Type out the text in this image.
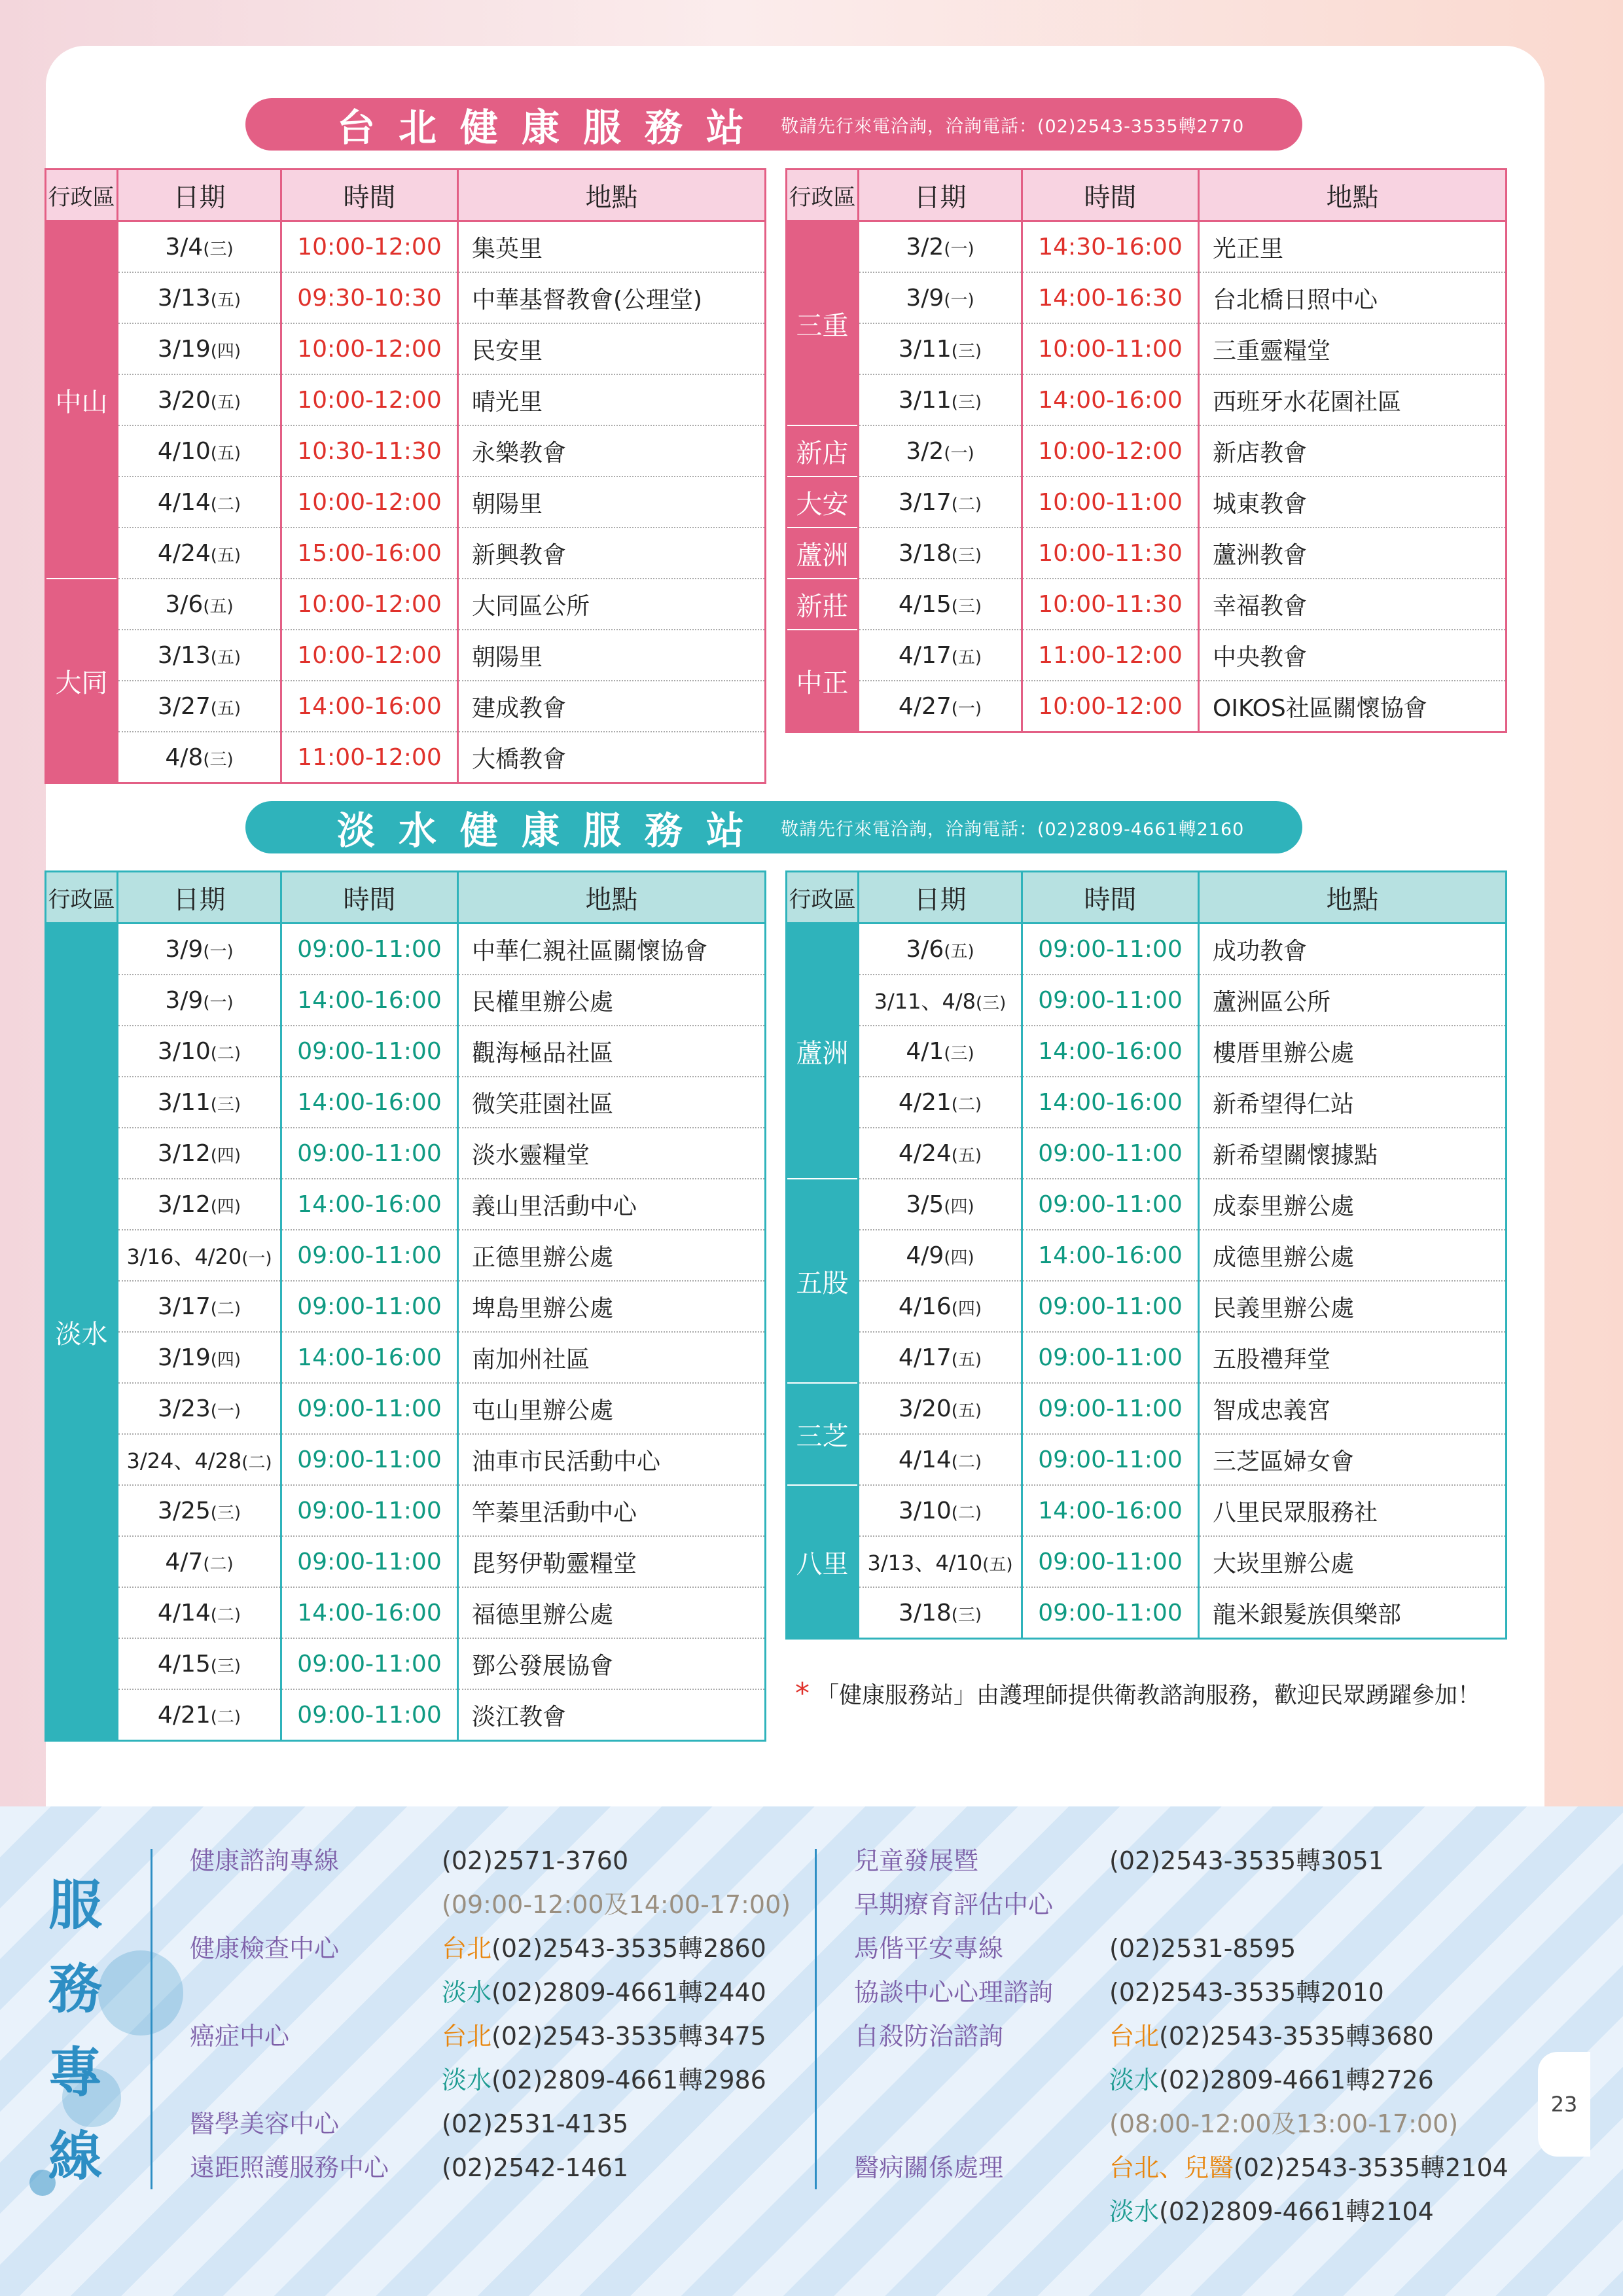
台北健康服務站 敬請先行來電洽詢，洽詢電話：(02)2543-3535轉2770
行政區	日期	時間	地點
中山	3/4(三)	10:00-12:00	集英里
	3/13(五)	09:30-10:30	中華基督教會(公理堂)
	3/19(四)	10:00-12:00	民安里
	3/20(五)	10:00-12:00	晴光里
	4/10(五)	10:30-11:30	永樂教會
	4/14(二)	10:00-12:00	朝陽里
	4/24(五)	15:00-16:00	新興教會
大同	3/6(五)	10:00-12:00	大同區公所
	3/13(五)	10:00-12:00	朝陽里
	3/27(五)	14:00-16:00	建成教會
	4/8(三)	11:00-12:00	大橋教會
行政區	日期	時間	地點
三重	3/2(一)	14:30-16:00	光正里
	3/9(一)	14:00-16:30	台北橋日照中心
	3/11(三)	10:00-11:00	三重靈糧堂
	3/11(三)	14:00-16:00	西班牙水花園社區
新店	3/2(一)	10:00-12:00	新店教會
大安	3/17(二)	10:00-11:00	城東教會
蘆洲	3/18(三)	10:00-11:30	蘆洲教會
新莊	4/15(三)	10:00-11:30	幸福教會
中正	4/17(五)	11:00-12:00	中央教會
	4/27(一)	10:00-12:00	OIKOS社區關懷協會
淡水健康服務站 敬請先行來電洽詢，洽詢電話：(02)2809-4661轉2160
行政區	日期	時間	地點
淡水	3/9(一)	09:00-11:00	中華仁親社區關懷協會
	3/9(一)	14:00-16:00	民權里辦公處
	3/10(二)	09:00-11:00	觀海極品社區
	3/11(三)	14:00-16:00	微笑莊園社區
	3/12(四)	09:00-11:00	淡水靈糧堂
	3/12(四)	14:00-16:00	義山里活動中心
	3/16、4/20(一)	09:00-11:00	正德里辦公處
	3/17(二)	09:00-11:00	埤島里辦公處
	3/19(四)	14:00-16:00	南加州社區
	3/23(一)	09:00-11:00	屯山里辦公處
	3/24、4/28(二)	09:00-11:00	油車市民活動中心
	3/25(三)	09:00-11:00	竿蓁里活動中心
	4/7(二)	09:00-11:00	毘努伊勒靈糧堂
	4/14(二)	14:00-16:00	福德里辦公處
	4/15(三)	09:00-11:00	鄧公發展協會
	4/21(二)	09:00-11:00	淡江教會
行政區	日期	時間	地點
蘆洲	3/6(五)	09:00-11:00	成功教會
	3/11、4/8(三)	09:00-11:00	蘆洲區公所
	4/1(三)	14:00-16:00	樓厝里辦公處
	4/21(二)	14:00-16:00	新希望得仁站
	4/24(五)	09:00-11:00	新希望關懷據點
五股	3/5(四)	09:00-11:00	成泰里辦公處
	4/9(四)	14:00-16:00	成德里辦公處
	4/16(四)	09:00-11:00	民義里辦公處
	4/17(五)	09:00-11:00	五股禮拜堂
三芝	3/20(五)	09:00-11:00	智成忠義宮
	4/14(二)	09:00-11:00	三芝區婦女會
八里	3/10(二)	14:00-16:00	八里民眾服務社
	3/13、4/10(五)	09:00-11:00	大崁里辦公處
	3/18(三)	09:00-11:00	龍米銀髮族俱樂部
* 「健康服務站」由護理師提供衛教諮詢服務，歡迎民眾踴躍參加！
服務專線
健康諮詢專線	(02)2571-3760
(09:00-12:00及14:00-17:00)
健康檢查中心	台北(02)2543-3535轉2860
淡水(02)2809-4661轉2440
癌症中心	台北(02)2543-3535轉3475
淡水(02)2809-4661轉2986
醫學美容中心	(02)2531-4135
遠距照護服務中心 (02)2542-1461
兒童發展暨	(02)2543-3535轉3051
早期療育評估中心
馬偕平安專線	(02)2531-8595
協談中心心理諮詢 (02)2543-3535轉2010
自殺防治諮詢	台北(02)2543-3535轉3680
淡水(02)2809-4661轉2726
(08:00-12:00及13:00-17:00)
醫病關係處理	台北、兒醫(02)2543-3535轉2104
淡水(02)2809-4661轉2104
23
